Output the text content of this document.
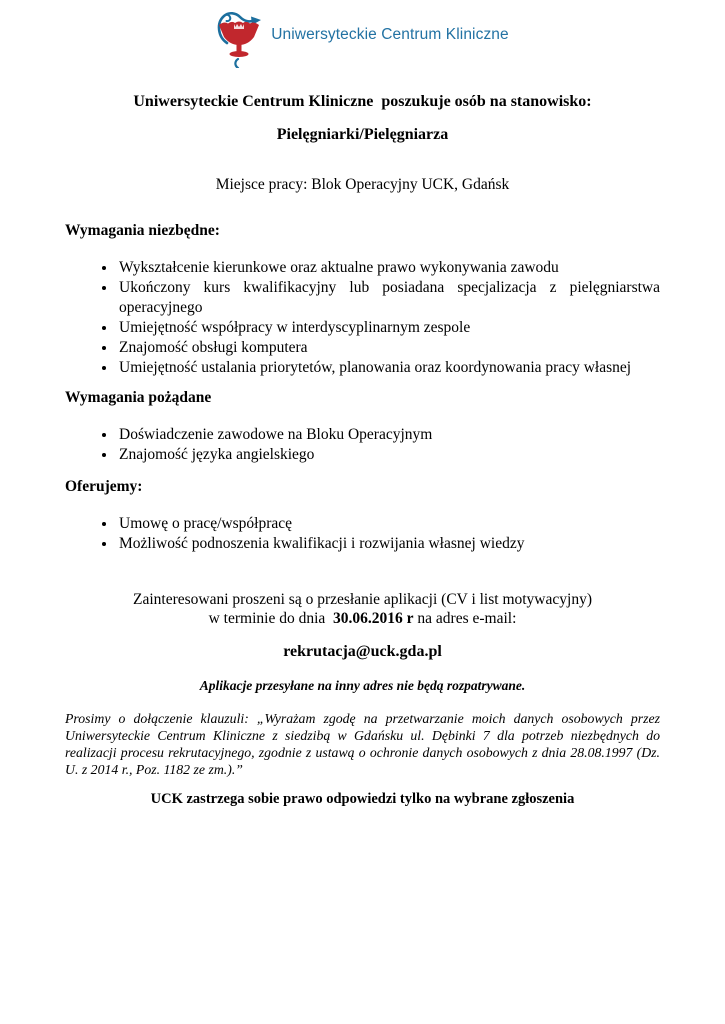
Uniwersyteckie Centrum Kliniczne
Uniwersyteckie Centrum Kliniczne  poszukuje osób na stanowisko:
Pielęgniarki/Pielęgniarza
Miejsce pracy: Blok Operacyjny UCK, Gdańsk
Wymagania niezbędne:
• Wykształcenie kierunkowe oraz aktualne prawo wykonywania zawodu
• Ukończony kurs kwalifikacyjny lub posiadana specjalizacja z pielęgniarstwa operacyjnego
• Umiejętność współpracy w interdyscyplinarnym zespole
• Znajomość obsługi komputera
• Umiejętność ustalania priorytetów, planowania oraz koordynowania pracy własnej
Wymagania pożądane
• Doświadczenie zawodowe na Bloku Operacyjnym
• Znajomość języka angielskiego
Oferujemy:
• Umowę o pracę/współpracę
• Możliwość podnoszenia kwalifikacji i rozwijania własnej wiedzy
Zainteresowani proszeni są o przesłanie aplikacji (CV i list motywacyjny)
w terminie do dnia  30.06.2016 r na adres e-mail:
rekrutacja@uck.gda.pl
Aplikacje przesyłane na inny adres nie będą rozpatrywane.
Prosimy o dołączenie klauzuli: „Wyrażam zgodę na przetwarzanie moich danych osobowych przez Uniwersyteckie Centrum Kliniczne z siedzibą w Gdańsku ul. Dębinki 7 dla potrzeb niezbędnych do realizacji procesu rekrutacyjnego, zgodnie z ustawą o ochronie danych osobowych z dnia 28.08.1997 (Dz. U. z 2014 r., Poz. 1182 ze zm.).”
UCK zastrzega sobie prawo odpowiedzi tylko na wybrane zgłoszenia
